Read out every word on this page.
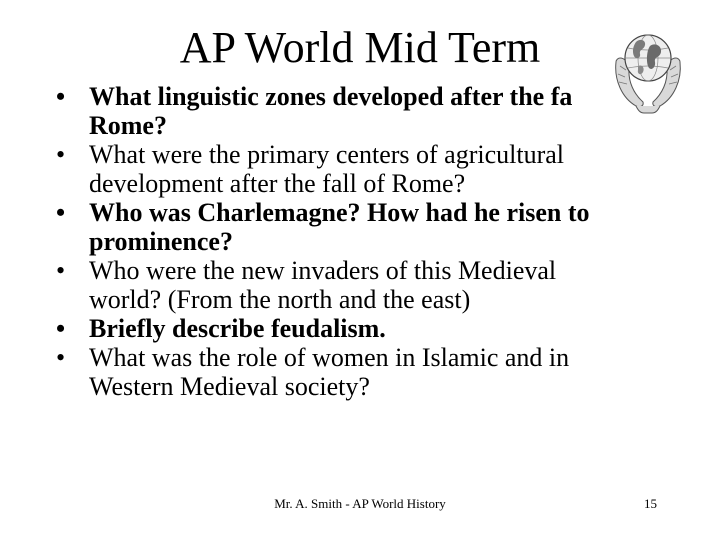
AP World Mid Term
• What linguistic zones developed after the fa
Rome?
• What were the primary centers of agricultural
development after the fall of Rome?
• Who was Charlemagne? How had he risen to
prominence?
• Who were the new invaders of this Medieval
world? (From the north and the east)
• Briefly describe feudalism.
• What was the role of women in Islamic and in
Western Medieval society?
Mr. A. Smith - AP World History	15
